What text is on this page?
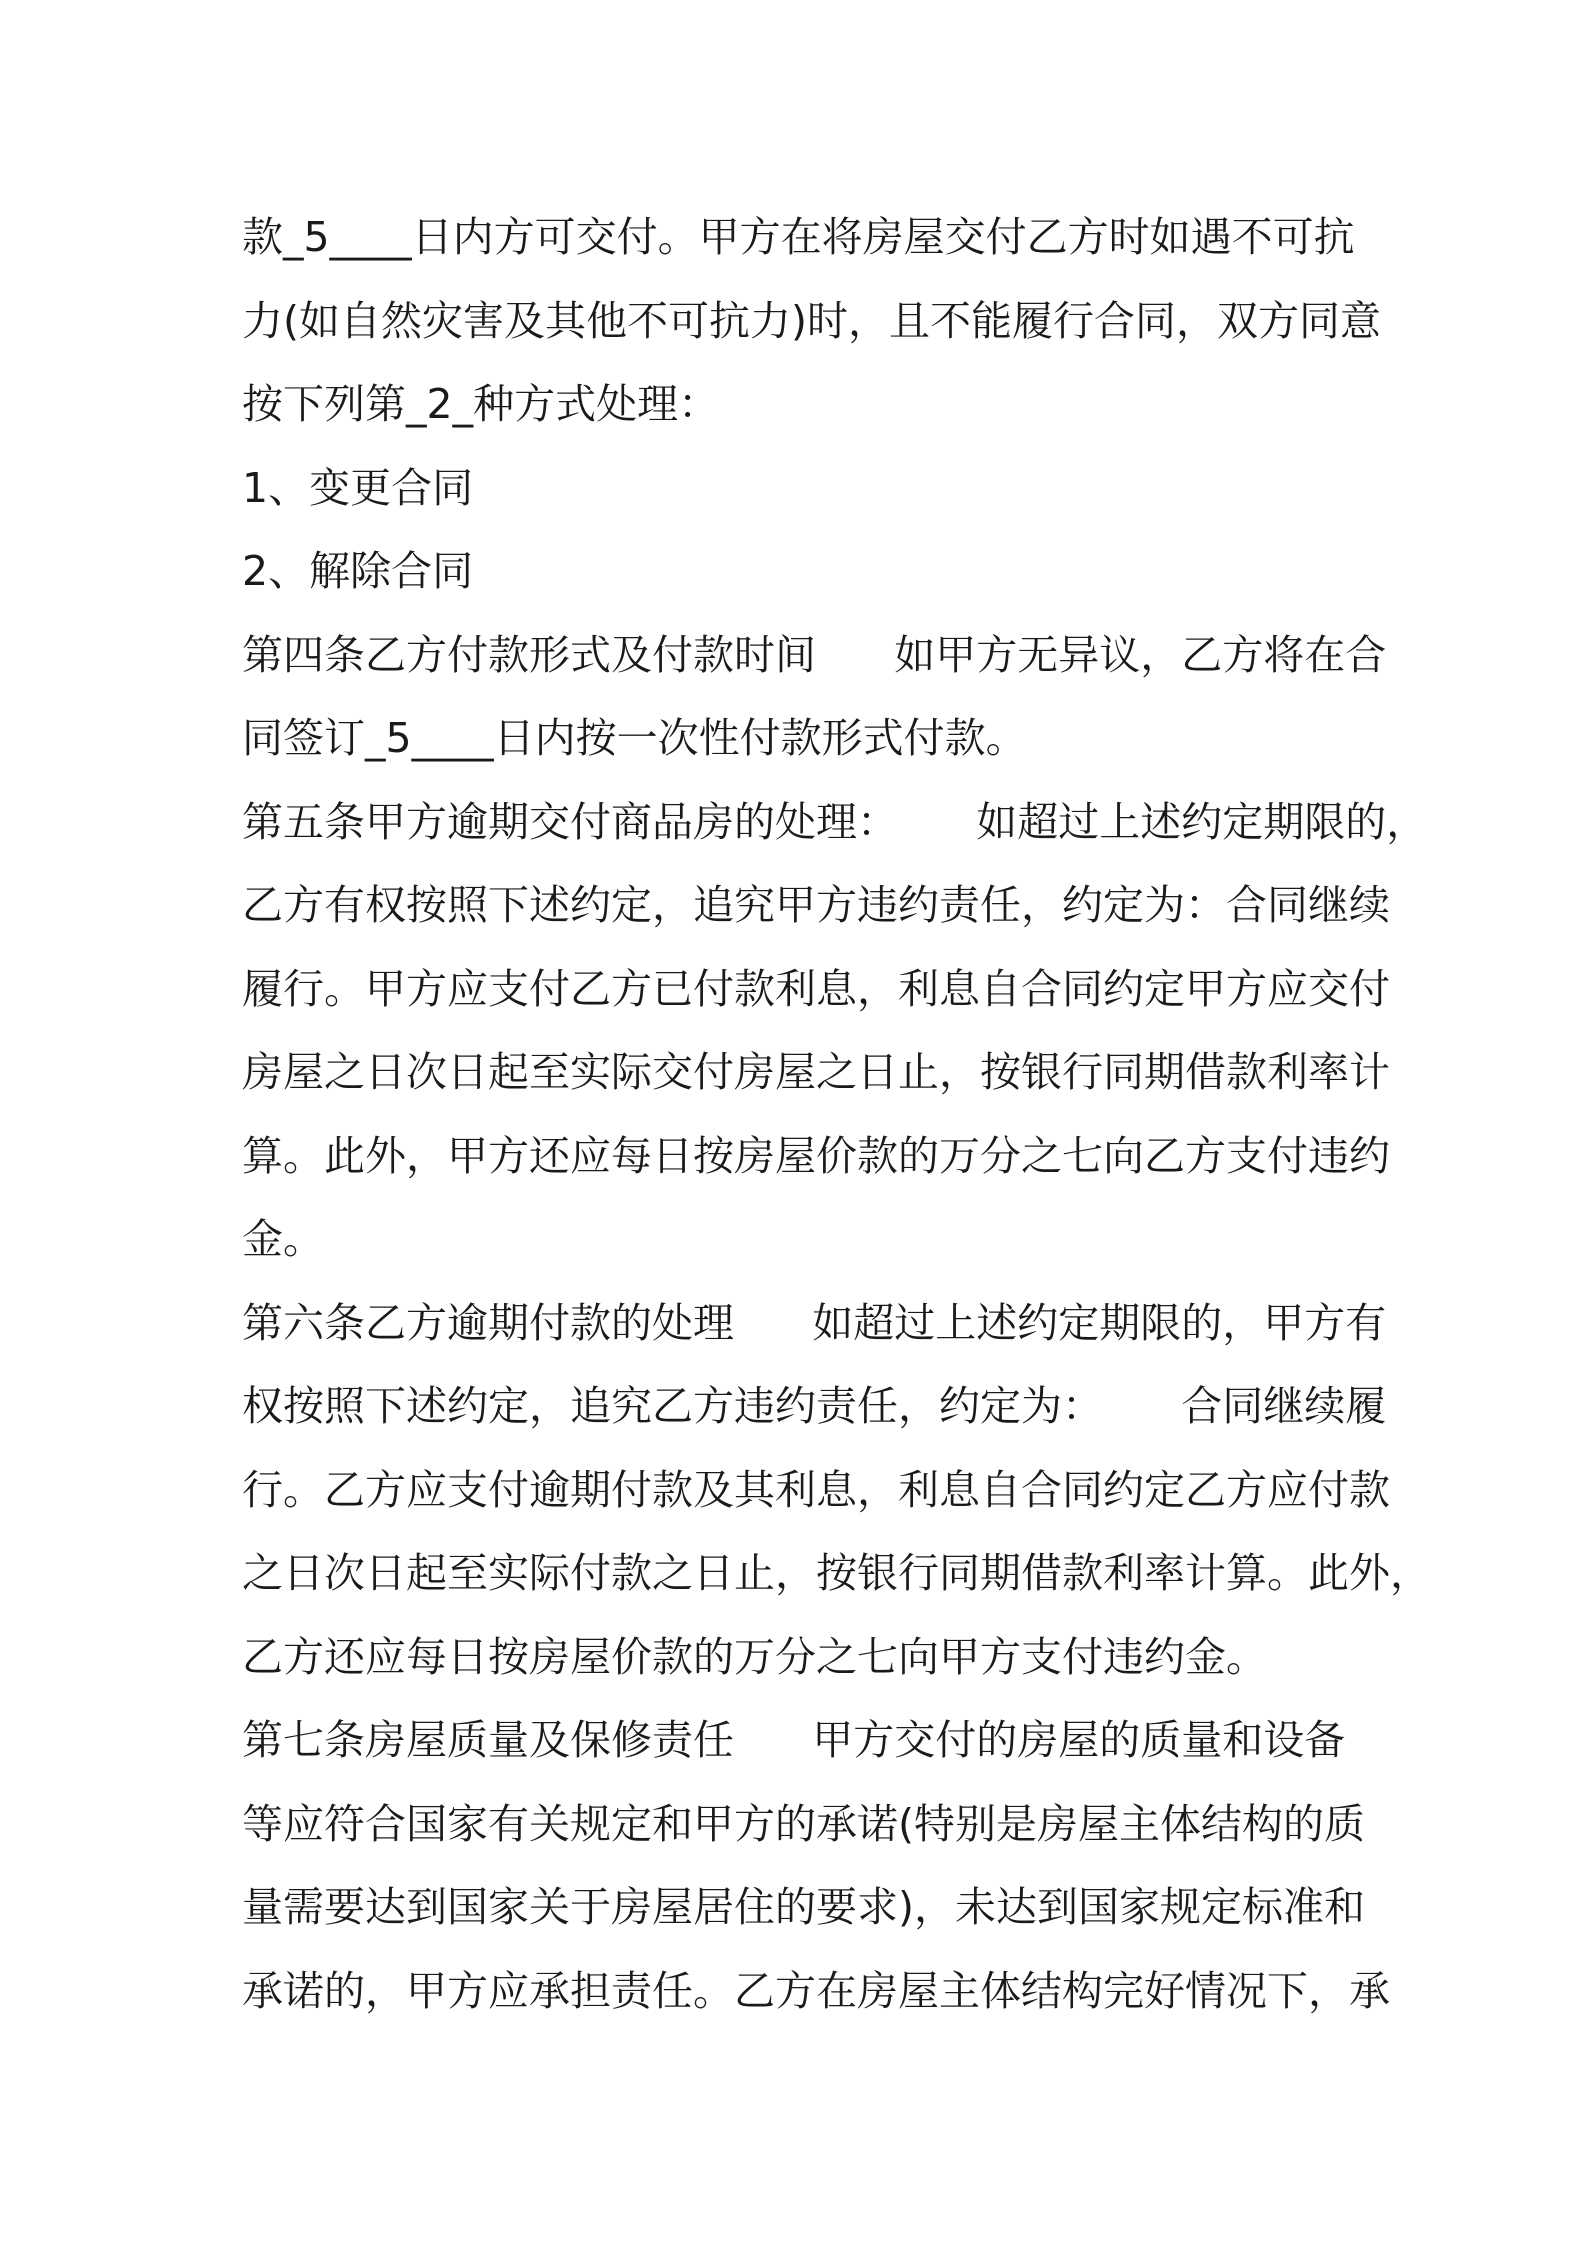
款_5____日内方可交付。甲方在将房屋交付乙方时如遇不可抗
力(如自然灾害及其他不可抗力)时，且不能履行合同，双方同意
按下列第_2_种方式处理：
1、变更合同
2、解除合同
第四条乙方付款形式及付款时间      如甲方无异议，乙方将在合
同签订_5____日内按一次性付款形式付款。
第五条甲方逾期交付商品房的处理：      如超过上述约定期限的，
乙方有权按照下述约定，追究甲方违约责任，约定为：合同继续
履行。甲方应支付乙方已付款利息，利息自合同约定甲方应交付
房屋之日次日起至实际交付房屋之日止，按银行同期借款利率计
算。此外，甲方还应每日按房屋价款的万分之七向乙方支付违约
金。
第六条乙方逾期付款的处理      如超过上述约定期限的，甲方有
权按照下述约定，追究乙方违约责任，约定为：      合同继续履
行。乙方应支付逾期付款及其利息，利息自合同约定乙方应付款
之日次日起至实际付款之日止，按银行同期借款利率计算。此外，
乙方还应每日按房屋价款的万分之七向甲方支付违约金。
第七条房屋质量及保修责任      甲方交付的房屋的质量和设备
等应符合国家有关规定和甲方的承诺(特别是房屋主体结构的质
量需要达到国家关于房屋居住的要求)，未达到国家规定标准和
承诺的，甲方应承担责任。乙方在房屋主体结构完好情况下，承
